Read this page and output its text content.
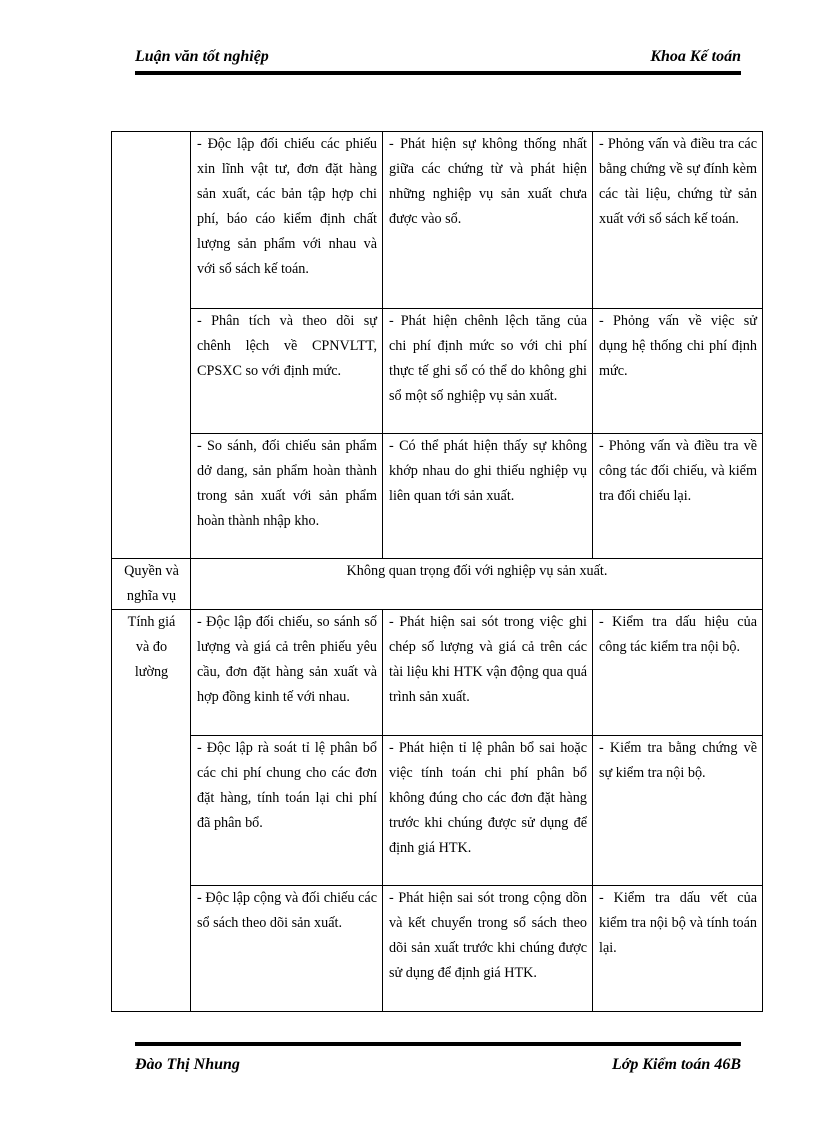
Luận văn tốt nghiệp	Khoa Kế toán
	- Độc lập đối chiếu các phiếu xin lĩnh vật tư, đơn đặt hàng sản xuất, các bản tập hợp chi phí, báo cáo kiểm định chất lượng sản phẩm với nhau và với sổ sách kế toán.	- Phát hiện sự không thống nhất giữa các chứng từ và phát hiện những nghiệp vụ sản xuất chưa được vào sổ.	- Phỏng vấn và điều tra các bằng chứng về sự đính kèm các tài liệu, chứng từ sản xuất với sổ sách kế toán.
	- Phân tích và theo dõi sự chênh lệch về CPNVLTT, CPSXC so với định mức.	- Phát hiện chênh lệch tăng của chi phí định mức so với chi phí thực tế ghi sổ có thể do không ghi sổ một số nghiệp vụ sản xuất.	- Phỏng vấn về việc sử dụng hệ thống chi phí định mức.
	- So sánh, đối chiếu sản phẩm dở dang, sản phẩm hoàn thành trong sản xuất với sản phẩm hoàn thành nhập kho.	- Có thể phát hiện thấy sự không khớp nhau do ghi thiếu nghiệp vụ liên quan tới sản xuất.	- Phỏng vấn và điều tra về công tác đối chiếu, và kiểm tra đối chiếu lại.

Quyền và
nghĩa vụ	Không quan trọng đối với nghiệp vụ sản xuất.		

Tính giá
và đo
lường	- Độc lập đối chiếu, so sánh số lượng và giá cả trên phiếu yêu cầu, đơn đặt hàng sản xuất và hợp đồng kinh tế với nhau.	- Phát hiện sai sót trong việc ghi chép số lượng và giá cả trên các tài liệu khi HTK vận động qua quá trình sản xuất.	- Kiểm tra dấu hiệu của công tác kiểm tra nội bộ.
	- Độc lập rà soát tỉ lệ phân bổ các chi phí chung cho các đơn đặt hàng, tính toán lại chi phí đã phân bổ.	- Phát hiện tỉ lệ phân bổ sai hoặc việc tính toán chi phí phân bổ không đúng cho các đơn đặt hàng trước khi chúng được sử dụng để định giá HTK.	- Kiểm tra bằng chứng về sự kiểm tra nội bộ.
	- Độc lập cộng và đối chiếu các sổ sách theo dõi sản xuất.	- Phát hiện sai sót trong cộng dồn và kết chuyển trong sổ sách theo dõi sản xuất trước khi chúng được sử dụng để định giá HTK.	- Kiểm tra dấu vết của kiểm tra nội bộ và tính toán lại.
Đào Thị Nhung	Lớp Kiểm toán 46B
